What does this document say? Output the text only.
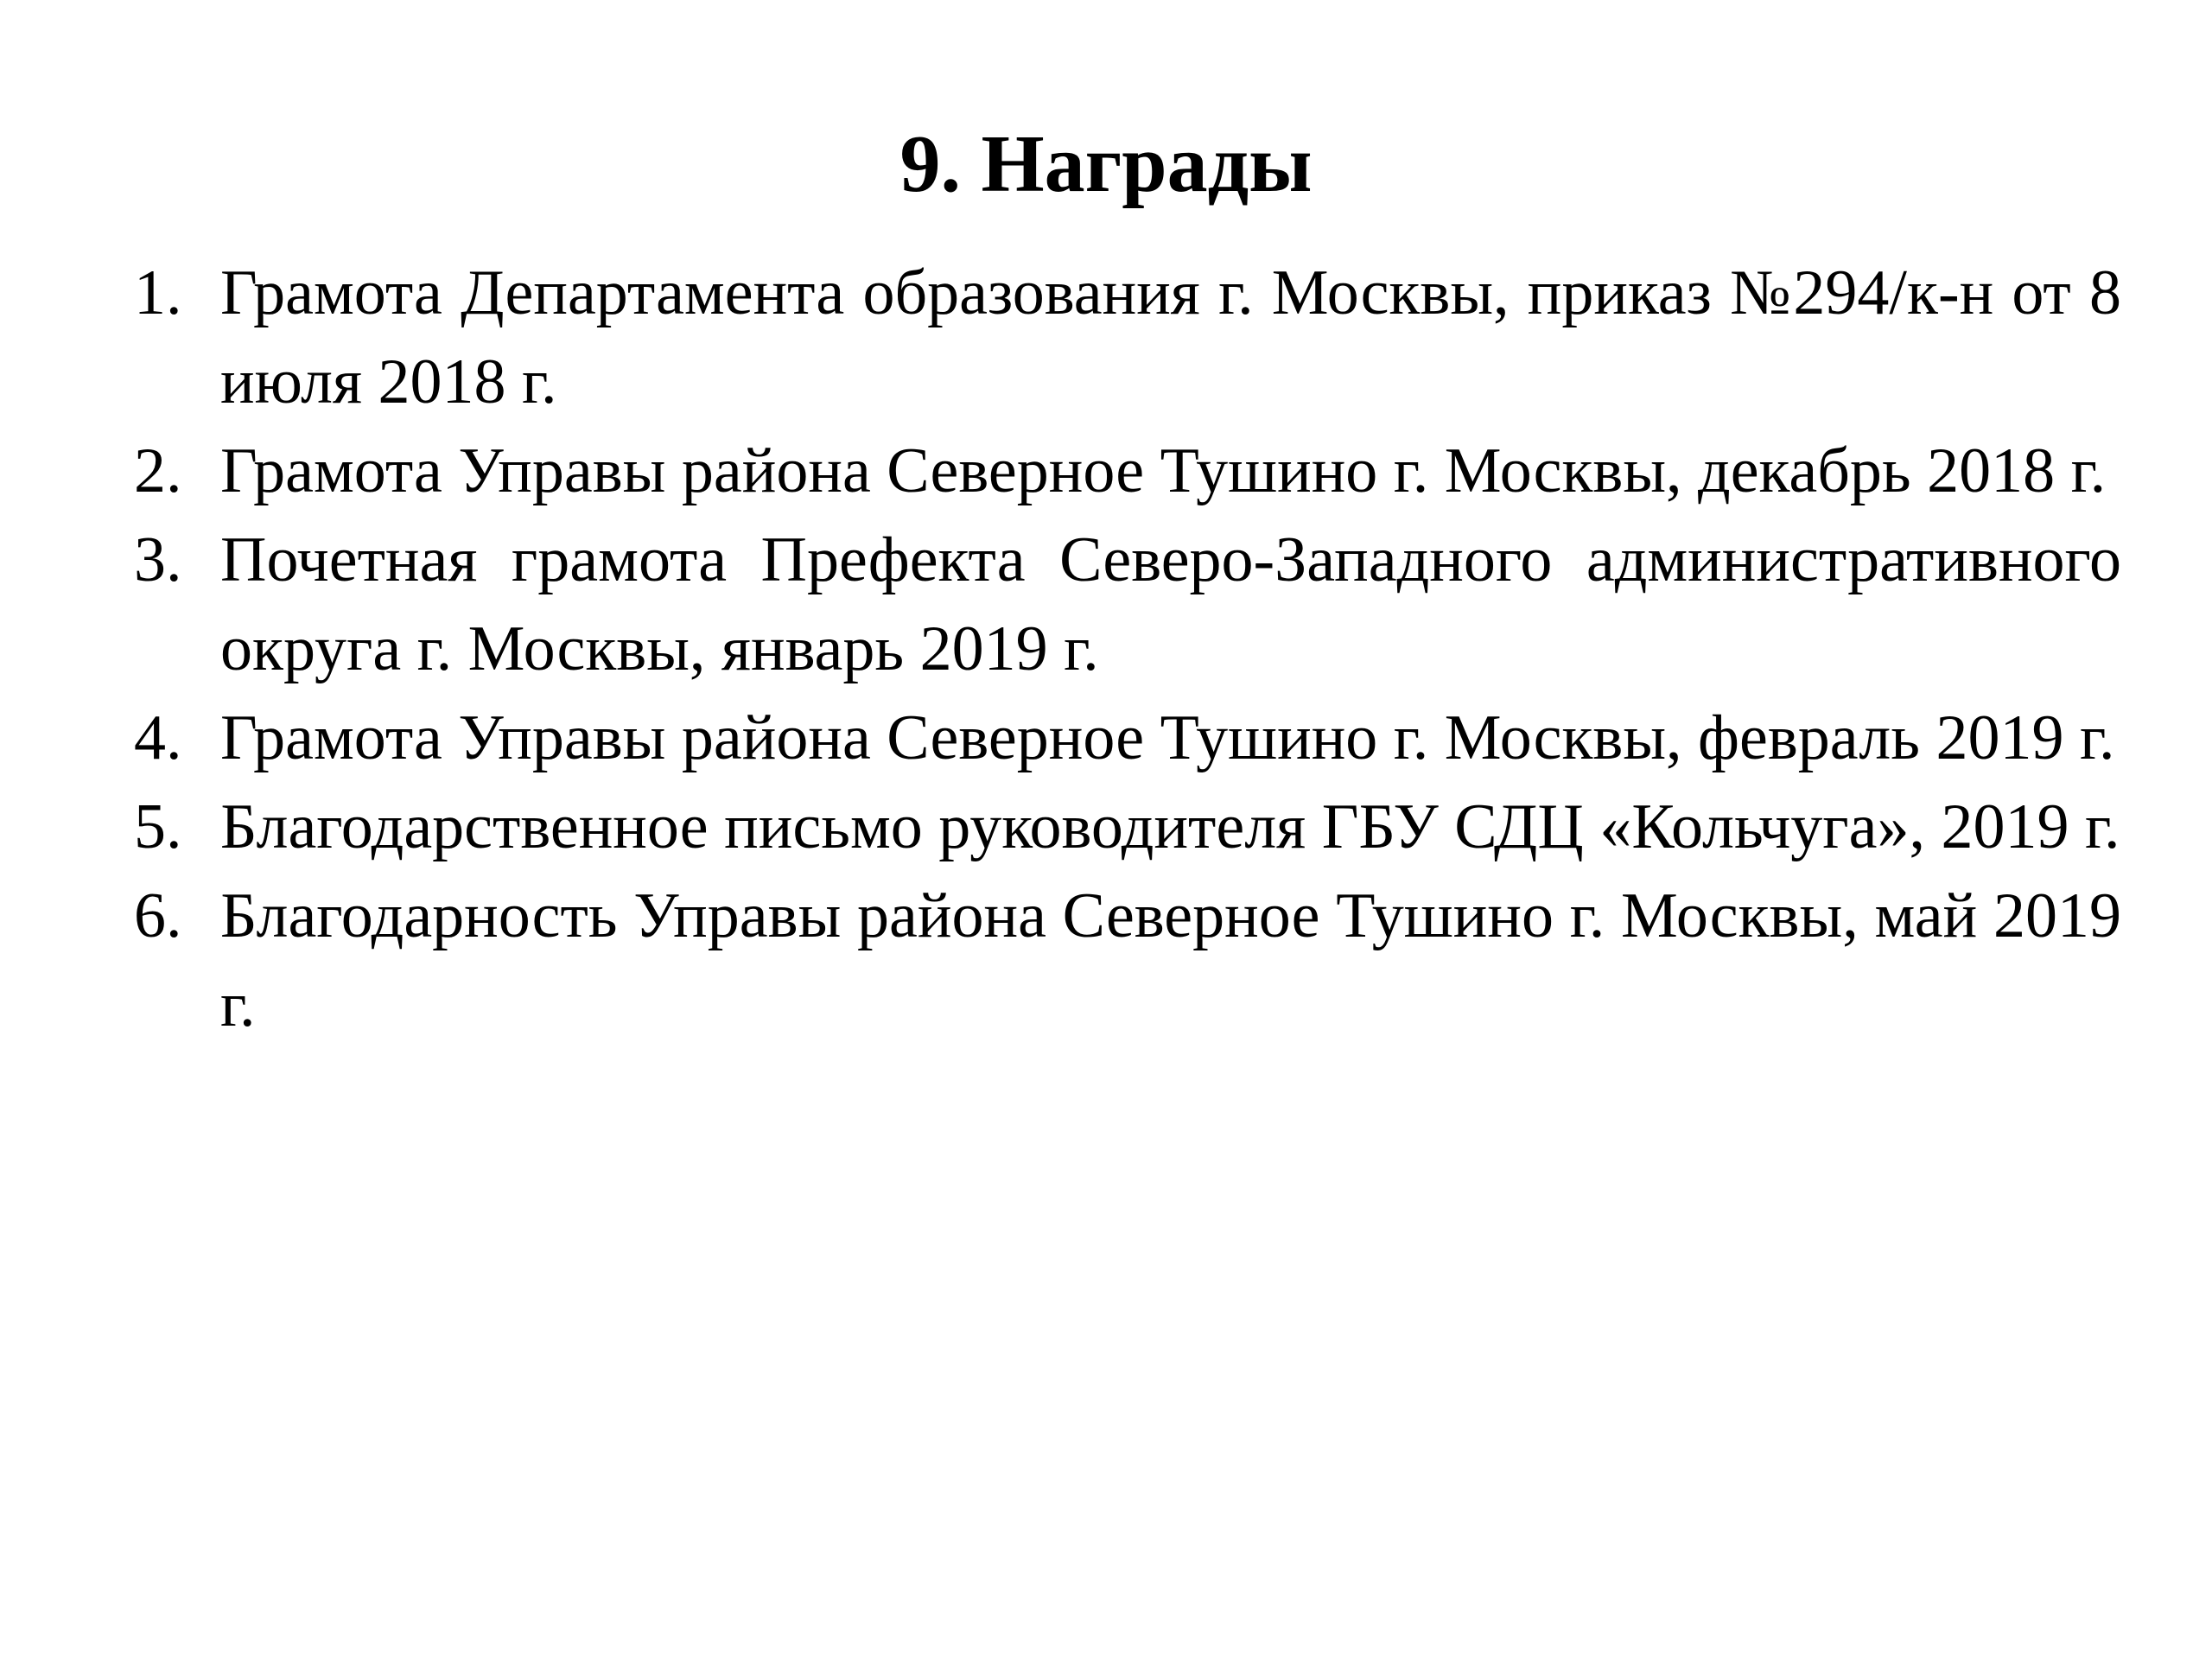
9. Награды
1. Грамота Департамента образования г. Москвы, приказ №294/к-н от 8 июля 2018 г.
2. Грамота Управы района Северное Тушино г. Москвы, декабрь 2018 г.
3. Почетная грамота Префекта Северо-Западного административного округа г. Москвы, январь 2019 г.
4. Грамота Управы района Северное Тушино г. Москвы, февраль 2019 г.
5. Благодарственное письмо руководителя ГБУ СДЦ «Кольчуга», 2019 г.
6. Благодарность Управы района Северное Тушино г. Москвы, май 2019 г.
